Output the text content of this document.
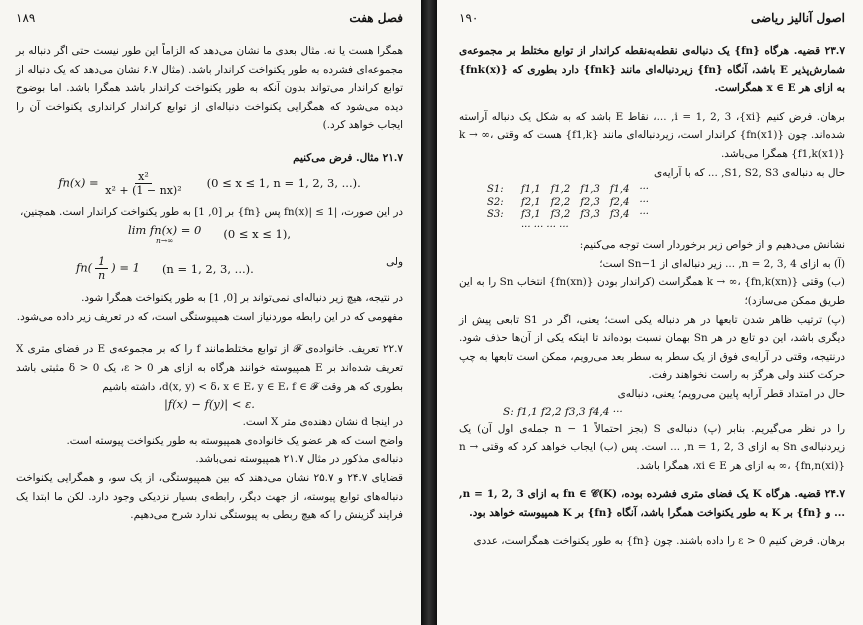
۱۸۹	فصل هفت

همگرا هست یا نه. مثال بعدی ما نشان می‌دهد که الزاماً این طور نیست حتی اگر دنباله بر مجموعه‌ای فشرده به طور یکنواخت کراندار باشد. (مثال ۶.۷ نشان می‌دهد که یک دنباله از توابع کراندار می‌تواند بدون آنکه به طور یکنواخت کراندار باشد همگرا باشد. اما بوضوح دیده می‌شود که همگرایی یکنواخت دنباله‌ای از توابع کراندار کرانداری یکنواخت آن را ایجاب خواهد کرد.)

۲۱.۷ مثال. فرض می‌کنیم

$fn(x) = \frac{\text{x²}}{\text{x² + (1 − nx)²}} (0 \le x \le 1$, n = 1, 2, 3, ...).

در این صورت، |fn(x)| ≤ 1 پس {fn} بر [0, 1] به طور یکنواخت کراندار است. همچنین،

lim fn(x) = 0
n→∞	(0 ≤ x ≤ 1),
ولی
$fn( \frac{1}{n}$ ) = 1 (n = 1, 2, 3, ...).

در نتیجه، هیچ زیر دنباله‌ای نمی‌تواند بر [0, 1] به طور یکنواخت همگرا شود.

مفهومی که در این رابطه موردنیاز است همپیوستگی است، که در تعریف زیر داده می‌شود.

۲۲.۷ تعریف. خانواده‌ی 𝓕 از توابع مختلط‌مانند f را که بر مجموعه‌ی E در فضای متری X تعریف شده‌اند بر E همپیوسته خوانند هرگاه به ازای هر ε > 0، یک δ > 0 مثبتی باشد بطوری که هر وقت d(x, y) < δ، x ∈ E، y ∈ E، f ∈ 𝓕، داشته باشیم

|f(x) − f(y)| < ε.

در اینجا d نشان دهنده‌ی متر X است.

واضح است که هر عضو یک خانواده‌ی همپیوسته به طور یکنواخت پیوسته است.

دنباله‌ی مذکور در مثال ۲۱.۷ همپیوسته نمی‌باشد.

قضایای ۲۴.۷ و ۲۵.۷ نشان می‌دهند که بین همپیوستگی، از یک سو، و همگرایی یکنواخت دنباله‌های توابع پیوسته، از جهت دیگر، رابطه‌ی بسیار نزدیکی وجود دارد. لکن ما ابتدا یک فرایند گزینش را که هیچ ربطی به پیوستگی ندارد شرح می‌دهیم.

۱۹۰	اصول آنالیز ریاضی

۲۳.۷ قضیه. هرگاه {fn} یک دنباله‌ی نقطه‌به‌نقطه کراندار از توابع مختلط بر مجموعه‌ی شمارش‌پذیر E باشد، آنگاه {fn} زیردنباله‌ای مانند {fnk} دارد بطوری که {fnk(x)} به ازای هر x ∈ E همگراست.

برهان. فرض کنیم {xi}، i = 1, 2, 3, ...، نقاط E باشد که به شکل یک دنباله آراسته شده‌اند. چون {fn(x1)} کراندار است، زیردنباله‌ای مانند {f1,k} هست که وقتی k → ∞، {f1,k(x1)} همگرا می‌باشد.

حال به دنباله‌ی S1, S2, S3, ... که با آرایه‌ی

S1:	f1,1 f1,2 f1,3 f1,4 ···
S2:	f2,1 f2,2 f2,3 f2,4 ···
S3:	f3,1 f3,2 f3,3 f3,4 ···
··· ··· ··· ···

نشانش می‌دهیم و از خواص زیر برخوردار است توجه می‌کنیم:

(آ) به ازای n = 2, 3, 4, ... زیر دنباله‌ای از Sn−1 است؛

(ب) وقتی k → ∞، {fn,k(xn)} همگراست (کراندار بودن {fn(xn)} انتخاب Sn را به این طریق ممکن می‌سازد)؛

(پ) ترتیب ظاهر شدن تابعها در هر دنباله یکی است؛ یعنی، اگر در S1 تابعی پیش از دیگری باشد، این دو تابع در هر Sn بهمان نسبت بوده‌اند تا اینکه یکی از آن‌ها حذف شود. درنتیجه، وقتی در آرایه‌ی فوق از یک سطر به سطر بعد می‌رویم، ممکن است تابعها به چپ حرکت کنند ولی هرگز به راست نخواهند رفت.

حال در امتداد قطر آرایه پایین می‌رویم؛ یعنی، دنباله‌ی

S: f1,1 f2,2 f3,3 f4,4 ···

را در نظر می‌گیریم. بنابر (پ) دنباله‌ی S (بجز احتمالاً n − 1 جمله‌ی اول آن) یک زیردنباله‌ی Sn به ازای n = 1, 2, 3, ... است. پس (ب) ایجاب خواهد کرد که وقتی n → ∞، {fn,n(xi)} به ازای هر xi ∈ E، همگرا باشد.

۲۴.۷ قضیه. هرگاه K یک فضای متری فشرده بوده، fn ∈ 𝒞(K) به ازای n = 1, 2, 3, ... و {fn} بر K به طور یکنواخت همگرا باشد، آنگاه {fn} بر K همپیوسته خواهد بود.

برهان. فرض کنیم ε > 0 را داده باشند. چون {fn} به طور یکنواخت همگراست، عددی
